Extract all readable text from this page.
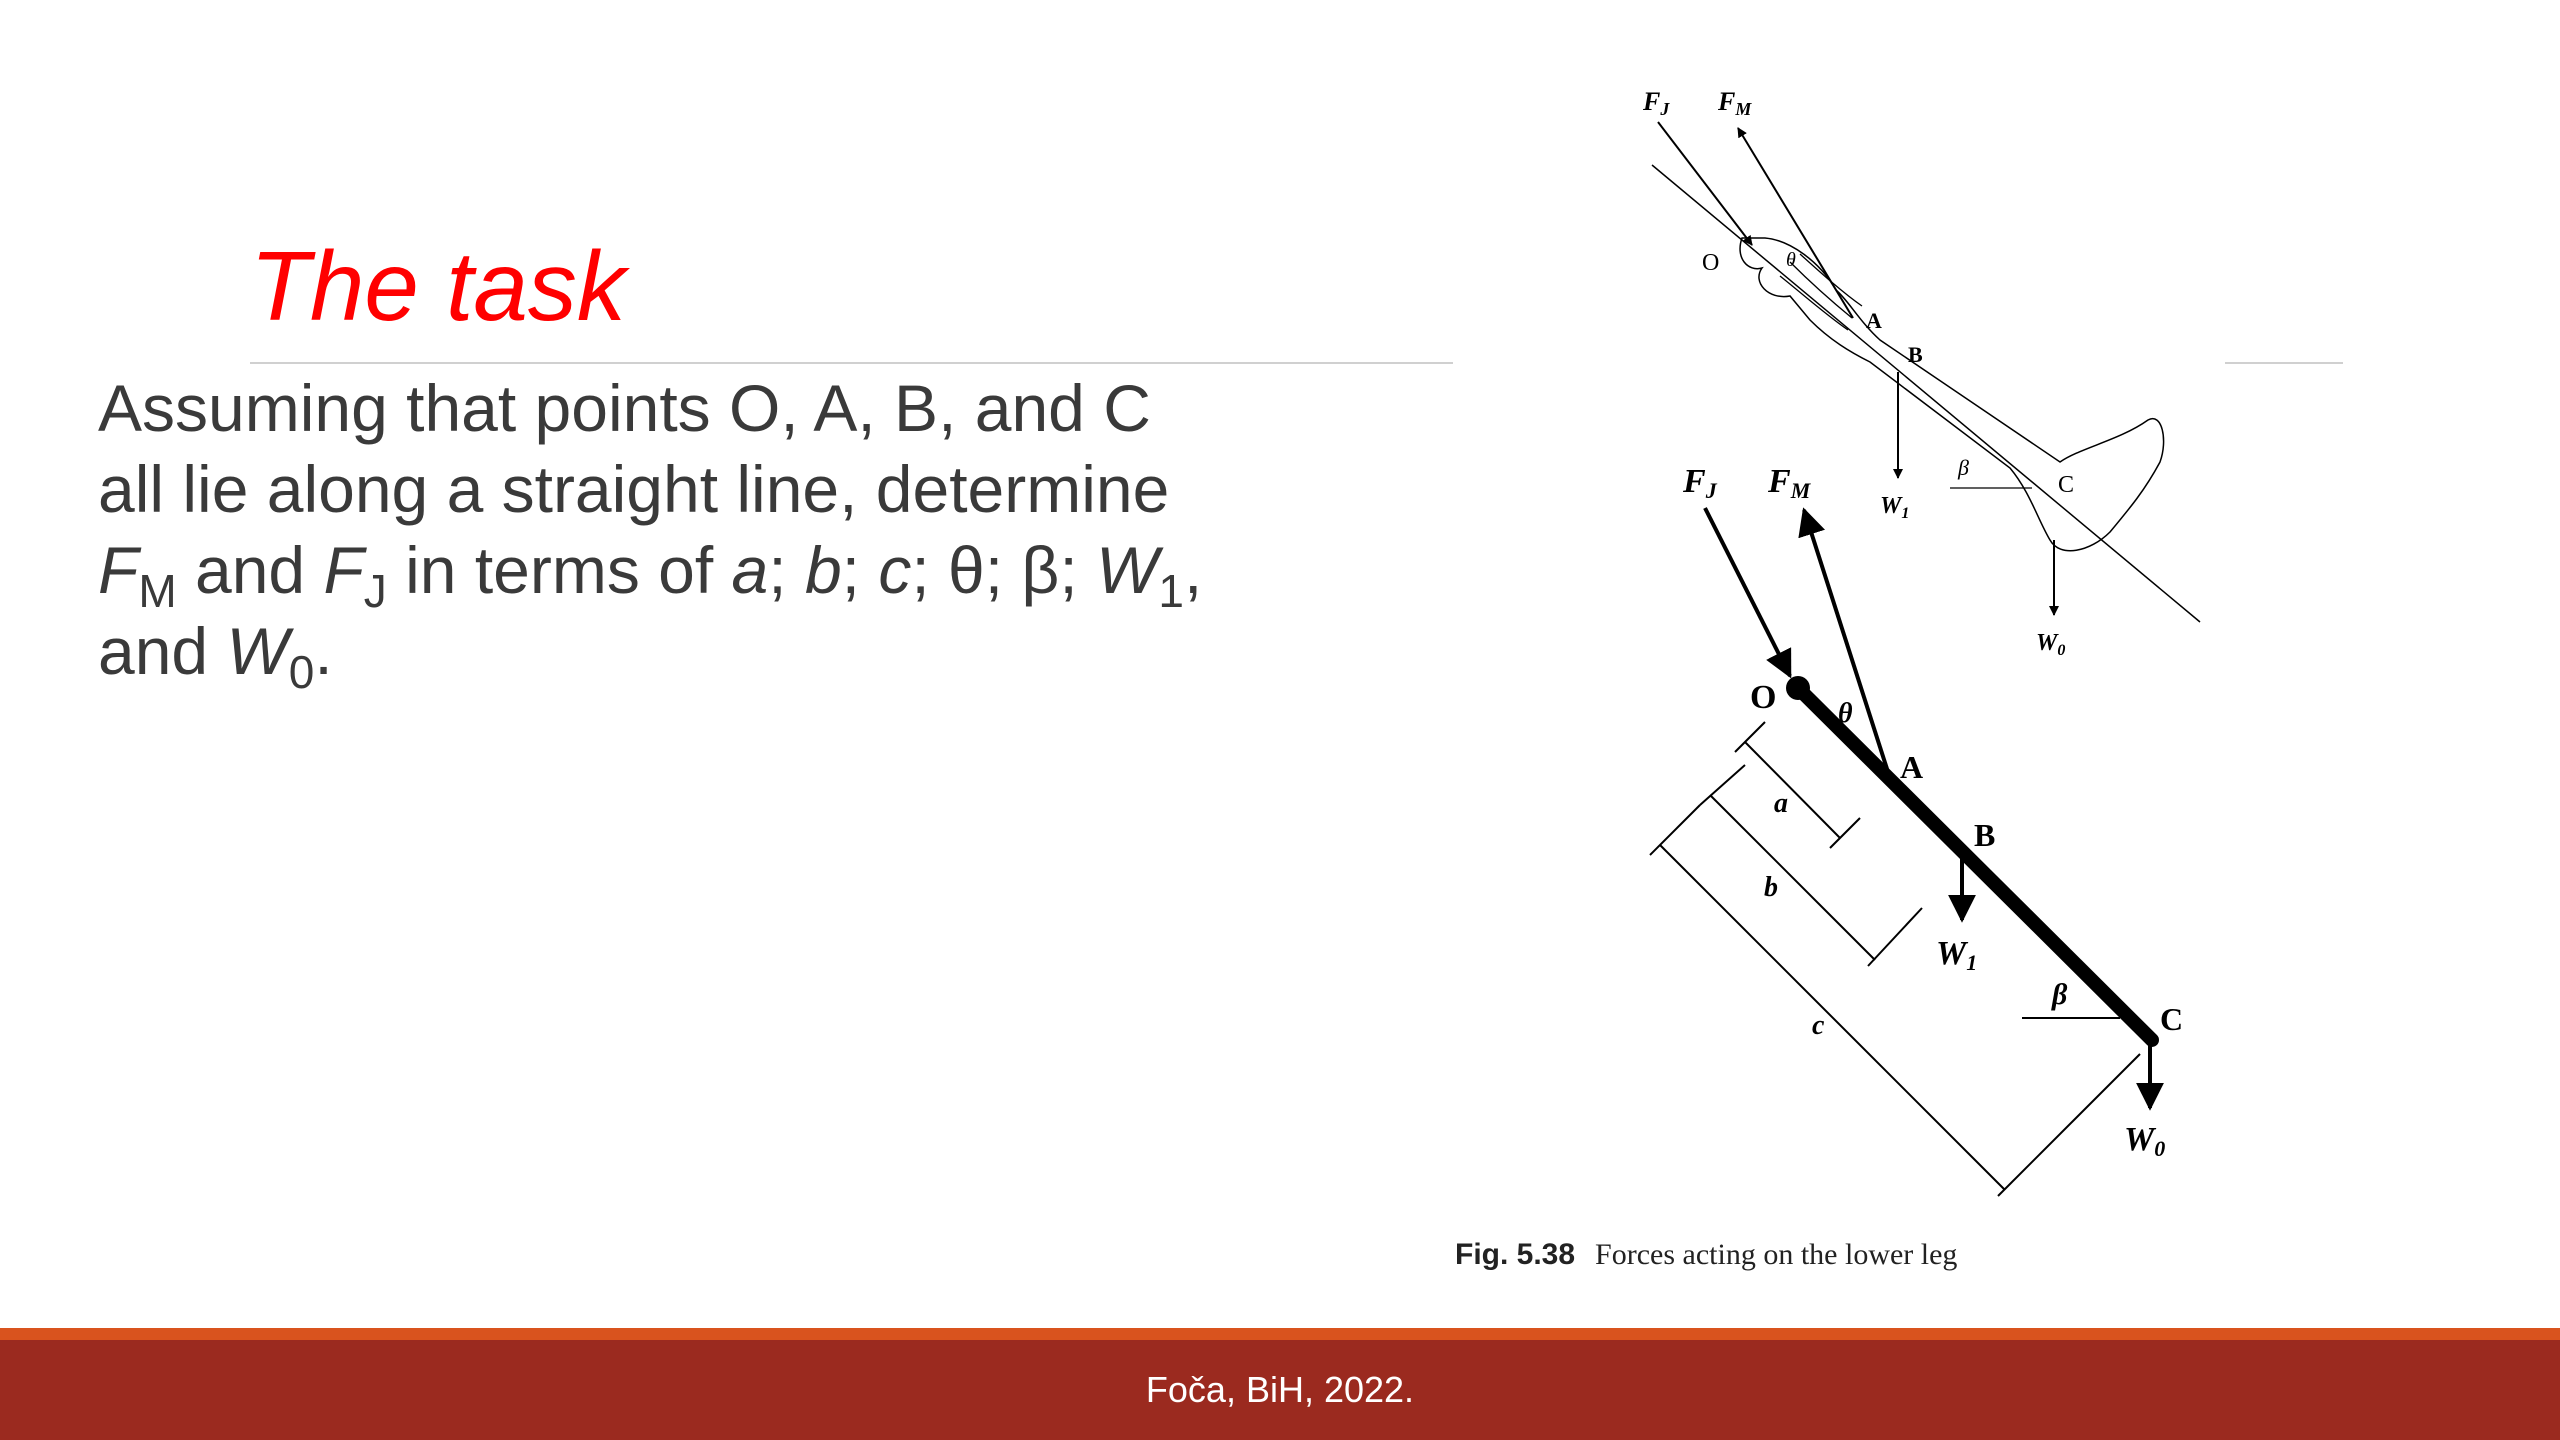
The task
Assuming that points O, A, B, and C
all lie along a straight line, determine
$F_M$ and $F_J$ in terms of a; b; c; θ; β; $W_1$,
and $W_0$.
FJ FM
O	θ
A
B
β
C
$W_1$
$W_0$
FJ FM
O θ
A
B
C
W1
W0
β
a
b
c
Fig. 5.38 Forces acting on the lower leg
Foča, BiH, 2022.
